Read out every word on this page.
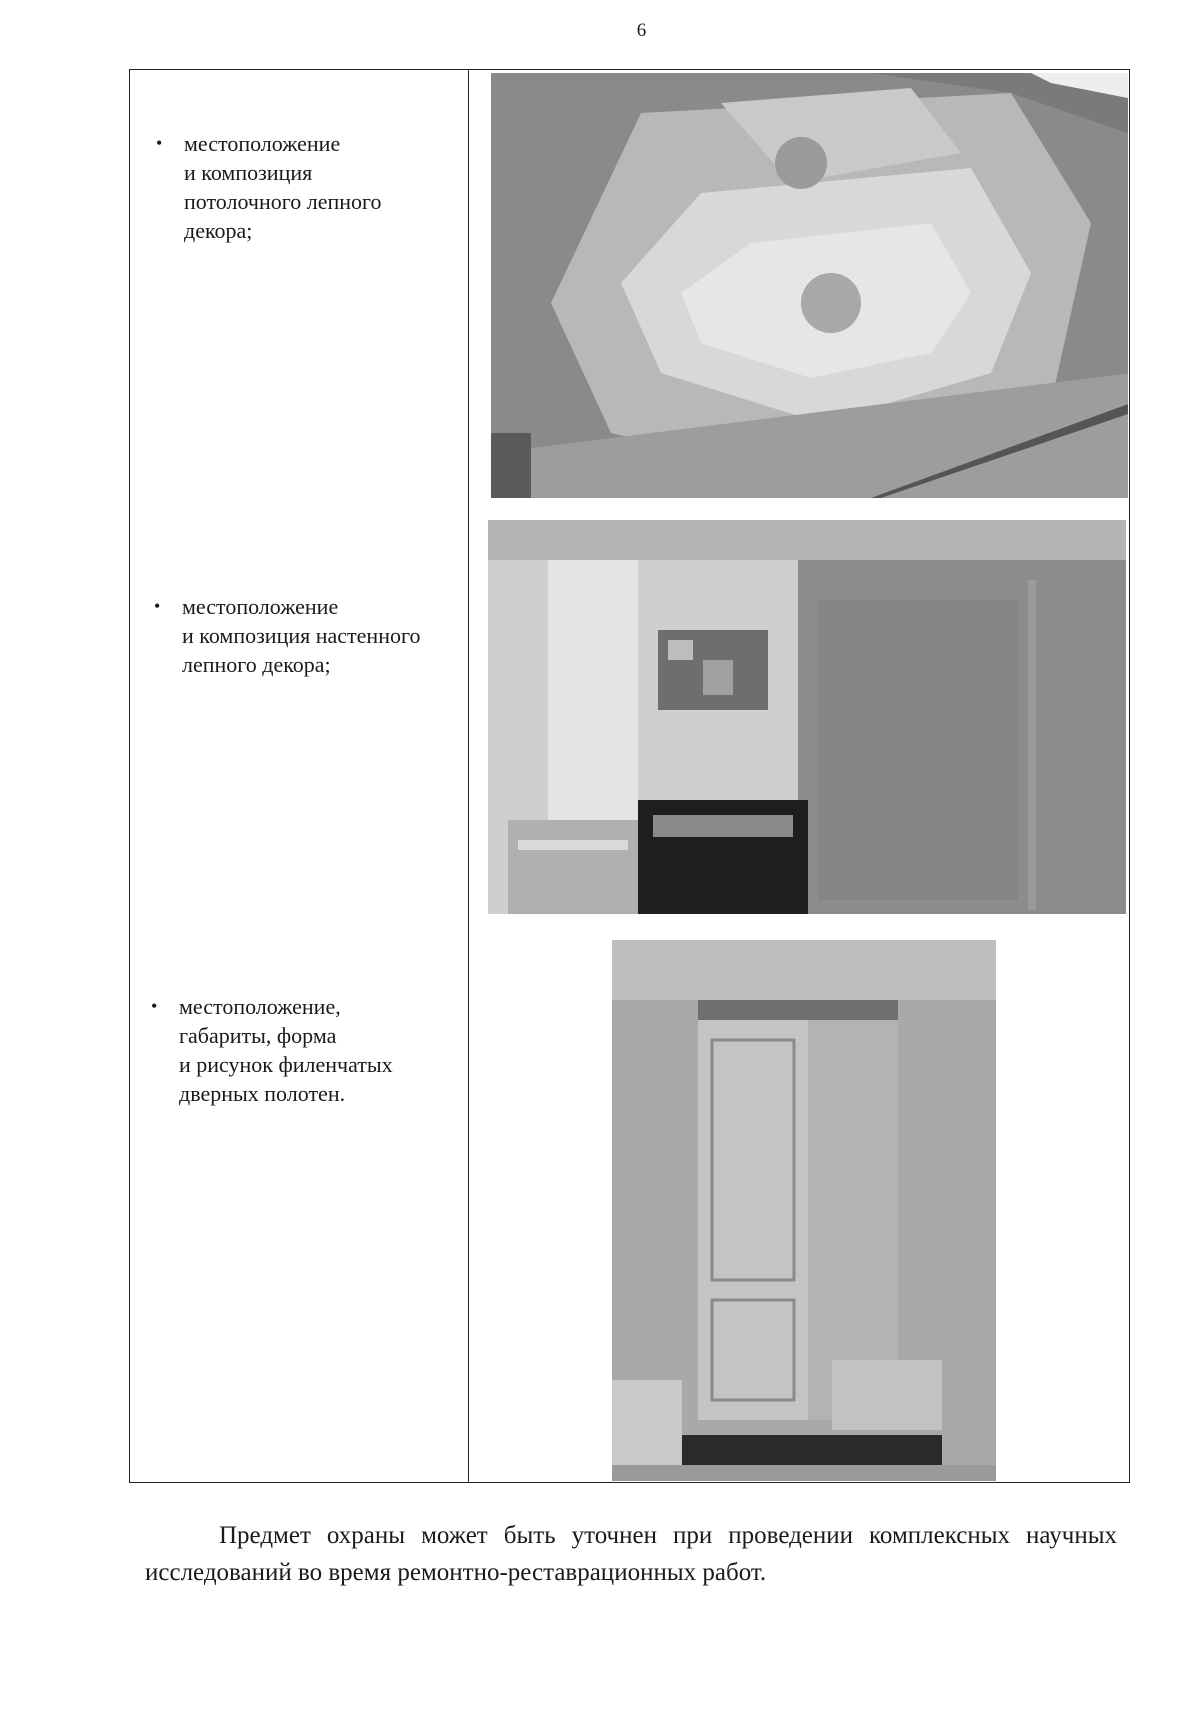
6
• местоположение
и композиция
потолочного лепного
декора;
• местоположение
и композиция настенного
лепного декора;
• местоположение,
габариты, форма
и рисунок филенчатых
дверных полотен.
Предмет охраны может быть уточнен при проведении комплексных научных исследований во время ремонтно-реставрационных работ.
